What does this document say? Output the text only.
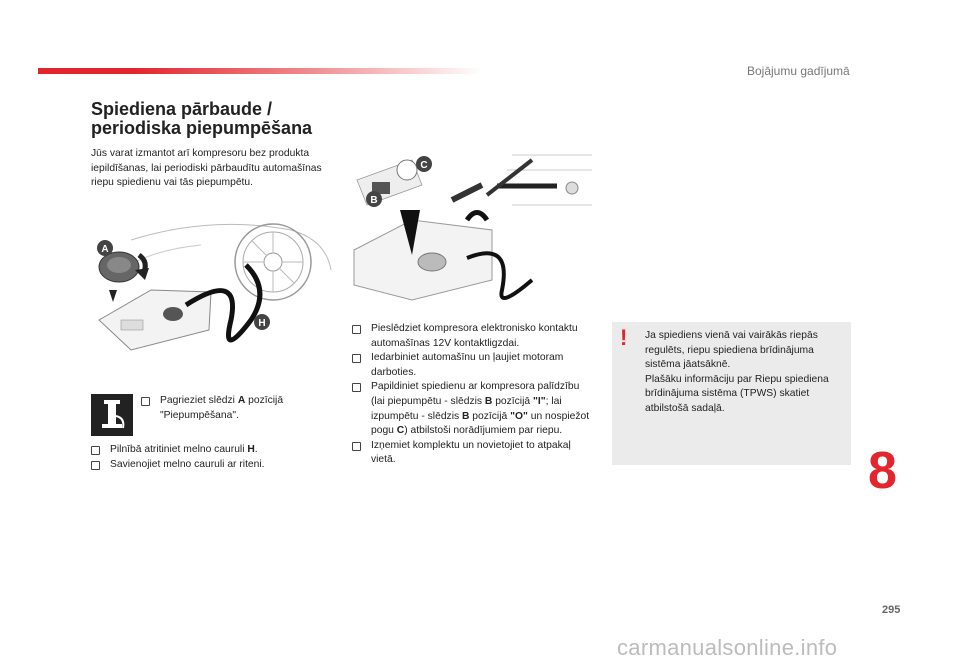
Bojājumu gadījumā
Spiediena pārbaude /
periodiska piepumpēšana
Jūs varat izmantot arī kompresoru bez produkta iepildīšanas, lai periodiski pārbaudītu automašīnas riepu spiedienu vai tās piepumpētu.
A
H
C
B
Pagrieziet slēdzi A pozīcijā "Piepumpēšana".
Pilnībā atritiniet melno cauruli H.
Savienojiet melno cauruli ar riteni.
Pieslēdziet kompresora elektronisko kontaktu automašīnas 12V kontaktligzdai.
Iedarbiniet automašīnu un ļaujiet motoram darboties.
Papildiniet spiedienu ar kompresora palīdzību (lai piepumpētu - slēdzis B pozīcijā "I"; lai izpumpētu - slēdzis B pozīcijā "O" un nospiežot pogu C) atbilstoši norādījumiem par riepu.
Izņemiet komplektu un novietojiet to atpakaļ vietā.
!	Ja spiediens vienā vai vairākās riepās regulēts, riepu spiediena brīdinājuma sistēma jāatsāknē.
Plašāku informāciju par Riepu spiediena brīdinājuma sistēma (TPWS) skatiet atbilstošā sadaļā.
8
295
carmanualsonline.info
